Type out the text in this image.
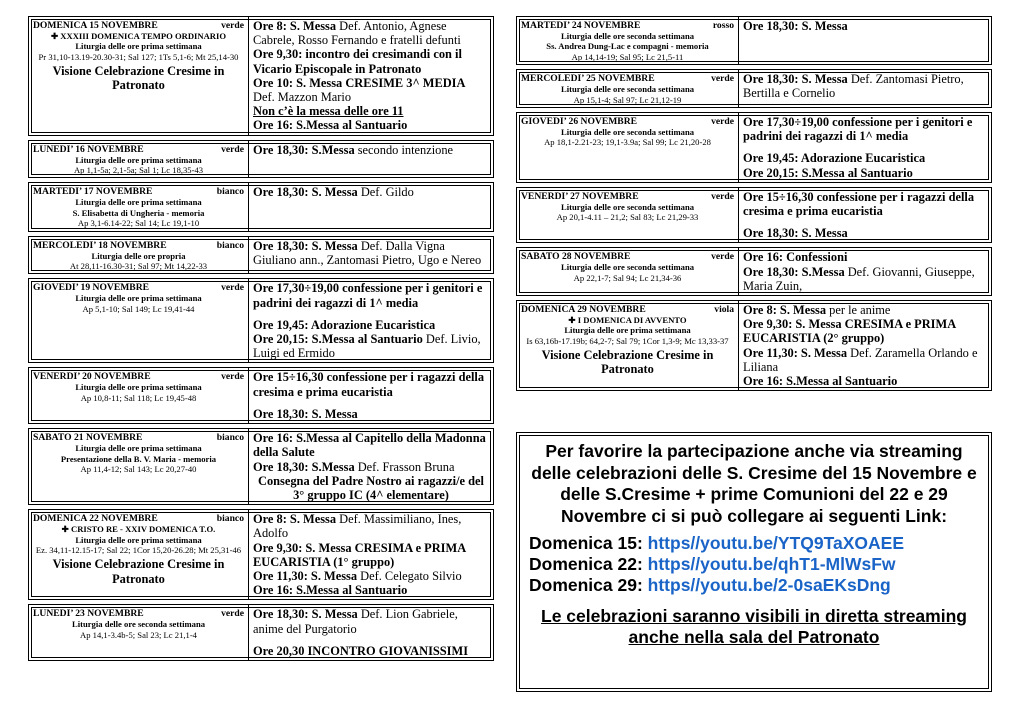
DOMENICA 15 NOVEMBRE	verde
✚ XXXIII DOMENICA TEMPO ORDINARIO
Liturgia delle ore prima settimana
Pr 31,10-13.19-20.30-31; Sal 127; 1Ts 5,1-6; Mt 25,14-30
Visione Celebrazione Cresime in Patronato
Ore 8: S. Messa Def. Antonio, Agnese Cabrele, Rosso Fernando e fratelli defunti
Ore 9,30: incontro dei cresimandi con il Vicario Episcopale in Patronato
Ore 10: S. Messa CRESIME 3^ MEDIA Def. Mazzon Mario
Non c’è la messa delle ore 11
Ore 16: S.Messa al Santuario
LUNEDI’ 16 NOVEMBRE	verde
Liturgia delle ore prima settimana
Ap 1,1-5a; 2,1-5a; Sal 1; Lc 18,35-43
Ore 18,30: S.Messa secondo intenzione
MARTEDI’ 17 NOVEMBRE	bianco
Liturgia delle ore prima settimana
S. Elisabetta di Ungheria - memoria
Ap 3,1-6.14-22; Sal 14; Lc 19,1-10
Ore 18,30: S. Messa Def. Gildo
MERCOLEDI’ 18 NOVEMBRE	bianco
Liturgia delle ore propria
At 28,11-16.30-31; Sal 97; Mt 14,22-33
Ore 18,30: S. Messa Def. Dalla Vigna Giuliano ann., Zantomasi Pietro, Ugo e Nereo
GIOVEDI’ 19 NOVEMBRE	verde
Liturgia delle ore prima settimana
Ap 5,1-10; Sal 149; Lc 19,41-44
Ore 17,30÷19,00 confessione per i genitori e padrini dei ragazzi di 1^ media
Ore 19,45: Adorazione Eucaristica
Ore 20,15: S.Messa al Santuario Def. Livio, Luigi ed Ermido
VENERDI’ 20 NOVEMBRE	verde
Liturgia delle ore prima settimana
Ap 10,8-11; Sal 118; Lc 19,45-48
Ore 15÷16,30 confessione per i ragazzi della cresima e prima eucaristia
Ore 18,30: S. Messa
SABATO 21 NOVEMBRE	bianco
Liturgia delle ore prima settimana
Presentazione della B. V. Maria - memoria
Ap 11,4-12; Sal 143; Lc 20,27-40
Ore 16: S.Messa al Capitello della Madonna della Salute
Ore 18,30: S.Messa Def. Frasson Bruna
Consegna del Padre Nostro ai ragazzi/e del 3° gruppo IC (4^ elementare)
DOMENICA 22 NOVEMBRE	bianco
✚ CRISTO RE - XXIV DOMENICA T.O.
Liturgia delle ore prima settimana
Ez. 34,11-12.15-17; Sal 22; 1Cor 15,20-26.28; Mt 25,31-46
Visione Celebrazione Cresime in Patronato
Ore 8: S. Messa Def. Massimiliano, Ines, Adolfo
Ore 9,30: S. Messa CRESIMA e PRIMA EUCARISTIA (1° gruppo)
Ore 11,30: S. Messa Def. Celegato Silvio
Ore 16: S.Messa al Santuario
LUNEDI’ 23 NOVEMBRE	verde
Liturgia delle ore seconda settimana
Ap 14,1-3.4b-5; Sal 23; Lc 21,1-4
Ore 18,30: S. Messa Def. Lion Gabriele, anime del Purgatorio
Ore 20,30 INCONTRO GIOVANISSIMI
MARTEDI’ 24 NOVEMBRE	rosso
Liturgia delle ore seconda settimana
Ss. Andrea Dung-Lac e compagni - memoria
Ap 14,14-19; Sal 95; Lc 21,5-11
Ore 18,30: S. Messa
MERCOLEDI’ 25 NOVEMBRE	verde
Liturgia delle ore seconda settimana
Ap 15,1-4; Sal 97; Lc 21,12-19
Ore 18,30: S. Messa Def. Zantomasi Pietro, Bertilla e Cornelio
GIOVEDI’ 26 NOVEMBRE	verde
Liturgia delle ore seconda settimana
Ap 18,1-2.21-23; 19,1-3.9a; Sal 99; Lc 21,20-28
Ore 17,30÷19,00 confessione per i genitori e padrini dei ragazzi di 1^ media
Ore 19,45: Adorazione Eucaristica
Ore 20,15: S.Messa al Santuario
VENERDI’ 27 NOVEMBRE	verde
Liturgia delle ore seconda settimana
Ap 20,1-4.11 – 21,2; Sal 83; Lc 21,29-33
Ore 15÷16,30 confessione per i ragazzi della cresima e prima eucaristia
Ore 18,30: S. Messa
SABATO 28 NOVEMBRE	verde
Liturgia delle ore seconda settimana
Ap 22,1-7; Sal 94; Lc 21,34-36
Ore 16: Confessioni
Ore 18,30: S.Messa Def. Giovanni, Giuseppe, Maria Zuin,
DOMENICA 29 NOVEMBRE	viola
✚ I DOMENICA DI AVVENTO
Liturgia delle ore prima settimana
Is 63,16b-17.19b; 64,2-7; Sal 79; 1Cor 1,3-9; Mc 13,33-37
Visione Celebrazione Cresime in Patronato
Ore 8: S. Messa per le anime
Ore 9,30: S. Messa CRESIMA e PRIMA EUCARISTIA (2° gruppo)
Ore 11,30: S. Messa Def. Zaramella Orlando e Liliana
Ore 16: S.Messa al Santuario
Per favorire la partecipazione anche via streaming delle celebrazioni delle S. Cresime del 15 Novembre e delle S.Cresime + prime Comunioni del 22 e 29 Novembre ci si può collegare ai seguenti Link:
Domenica 15: https//youtu.be/YTQ9TaXOAEE
Domenica 22: https//youtu.be/qhT1-MlWsFw
Domenica 29: https//youtu.be/2-0saEKsDng
Le celebrazioni saranno visibili in diretta streaming anche nella sala del Patronato
